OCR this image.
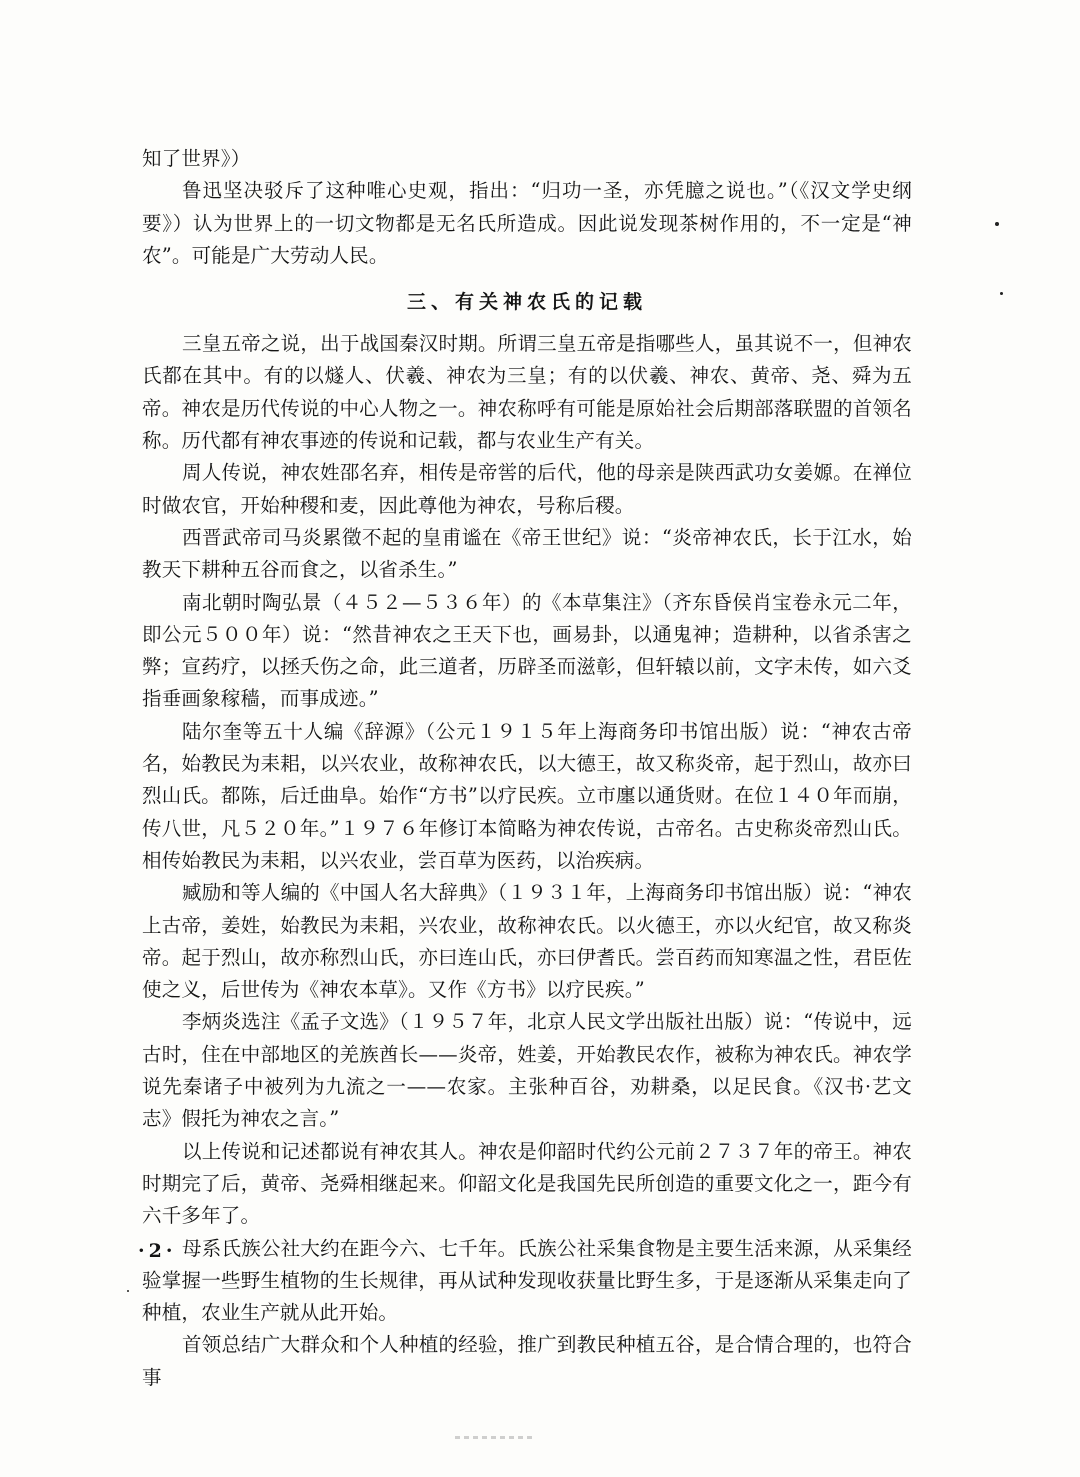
知了世界》）

鲁迅坚决驳斥了这种唯心史观，指出：“归功一圣，亦凭臆之说也。”（《汉文学史纲要》）认为世界上的一切文物都是无名氏所造成。因此说发现茶树作用的，不一定是“神农”。可能是广大劳动人民。

三、有关神农氏的记载

三皇五帝之说，出于战国秦汉时期。所谓三皇五帝是指哪些人，虽其说不一，但神农氏都在其中。有的以燧人、伏羲、神农为三皇；有的以伏羲、神农、黄帝、尧、舜为五帝。神农是历代传说的中心人物之一。神农称呼有可能是原始社会后期部落联盟的首领名称。历代都有神农事迹的传说和记载，都与农业生产有关。

周人传说，神农姓邵名弃，相传是帝喾的后代，他的母亲是陕西武功女姜嫄。在禅位时做农官，开始种稷和麦，因此尊他为神农，号称后稷。

西晋武帝司马炎累徵不起的皇甫谧在《帝王世纪》说：“炎帝神农氏，长于江水，始教天下耕种五谷而食之，以省杀生。”

南北朝时陶弘景（４５２—５３６年）的《本草集注》（齐东昏侯肖宝卷永元二年，即公元５００年）说：“然昔神农之王天下也，画易卦，以通鬼神；造耕种，以省杀害之弊；宣药疗，以拯夭伤之命，此三道者，历辟圣而滋彰，但轩辕以前，文字未传，如六爻指垂画象稼穑，而事成迹。”

陆尔奎等五十人编《辞源》（公元１９１５年上海商务印书馆出版）说：“神农古帝名，始教民为耒耜，以兴农业，故称神农氏，以大德王，故又称炎帝，起于烈山，故亦曰烈山氏。都陈，后迁曲阜。始作“方书”以疗民疾。立市廛以通货财。在位１４０年而崩，传八世，凡５２０年。”１９７６年修订本简略为神农传说，古帝名。古史称炎帝烈山氏。相传始教民为耒耜，以兴农业，尝百草为医药，以治疾病。

臧励和等人编的《中国人名大辞典》（１９３１年，上海商务印书馆出版）说：“神农上古帝，姜姓，始教民为耒耜，兴农业，故称神农氏。以火德王，亦以火纪官，故又称炎帝。起于烈山，故亦称烈山氏，亦曰连山氏，亦曰伊耆氏。尝百药而知寒温之性，君臣佐使之义，后世传为《神农本草》。又作《方书》以疗民疾。”

李炳炎选注《孟子文选》（１９５７年，北京人民文学出版社出版）说：“传说中，远古时，住在中部地区的羌族酋长——炎帝，姓姜，开始教民农作，被称为神农氏。神农学说先秦诸子中被列为九流之一——农家。主张种百谷，劝耕桑，以足民食。《汉书·艺文志》假托为神农之言。”

以上传说和记述都说有神农其人。神农是仰韶时代约公元前２７３７年的帝王。神农时期完了后，黄帝、尧舜相继起来。仰韶文化是我国先民所创造的重要文化之一，距今有六千多年了。

母系氏族公社大约在距今六、七千年。氏族公社采集食物是主要生活来源，从采集经验掌握一些野生植物的生长规律，再从试种发现收获量比野生多，于是逐渐从采集走向了种植，农业生产就从此开始。

首领总结广大群众和个人种植的经验，推广到教民种植五谷，是合情合理的，也符合事

·2·
